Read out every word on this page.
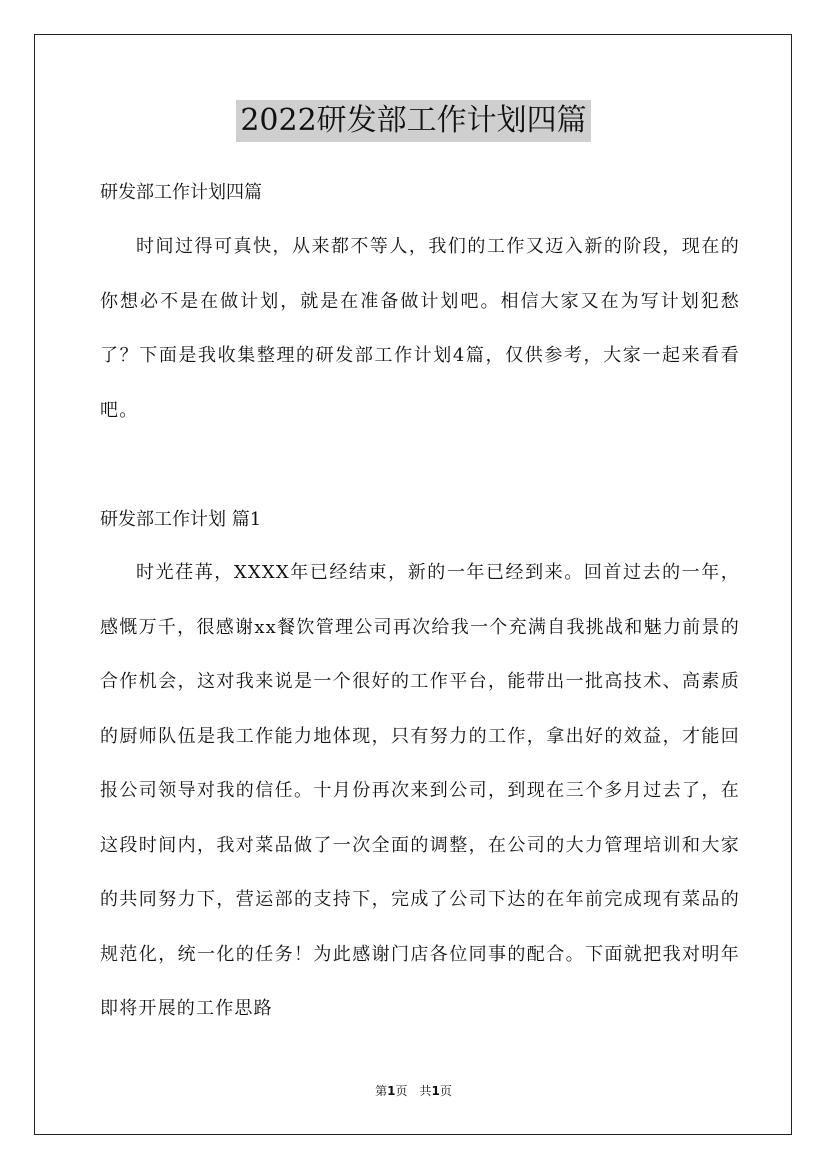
2022研发部工作计划四篇
研发部工作计划四篇

时间过得可真快，从来都不等人，我们的工作又迈入新的阶段，现在的你想必不是在做计划，就是在准备做计划吧。相信大家又在为写计划犯愁了？下面是我收集整理的研发部工作计划4篇，仅供参考，大家一起来看看吧。

研发部工作计划 篇1

时光荏苒，XXXX年已经结束，新的一年已经到来。回首过去的一年，感慨万千，很感谢xx餐饮管理公司再次给我一个充满自我挑战和魅力前景的合作机会，这对我来说是一个很好的工作平台，能带出一批高技术、高素质的厨师队伍是我工作能力地体现，只有努力的工作，拿出好的效益，才能回报公司领导对我的信任。十月份再次来到公司，到现在三个多月过去了，在这段时间内，我对菜品做了一次全面的调整，在公司的大力管理培训和大家的共同努力下，营运部的支持下，完成了公司下达的在年前完成现有菜品的规范化，统一化的任务！为此感谢门店各位同事的配合。下面就把我对明年即将开展的工作思路

第1页 共1页
